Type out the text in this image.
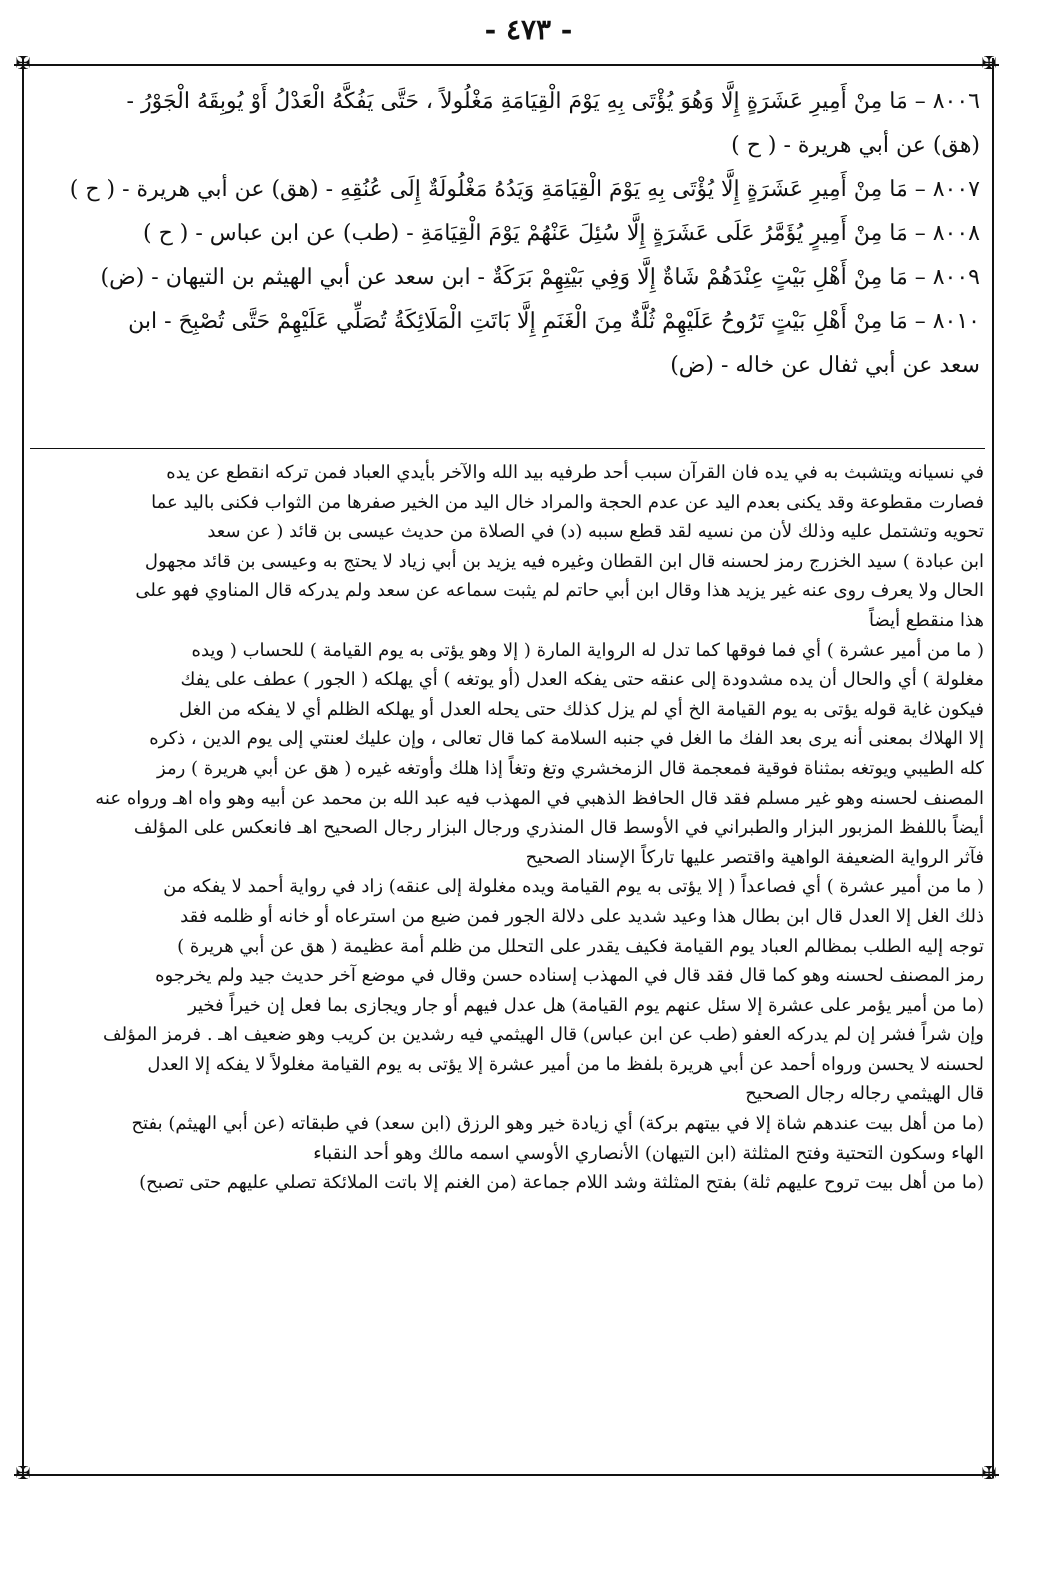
- ٤٧٣ -
✠	✠
✠	✠
٨٠٠٦ – مَا مِنْ أَمِيرِ عَشَرَةٍ إِلَّا وَهُوَ يُؤْتَى بِهِ يَوْمَ الْقِيَامَةِ مَغْلُولاً ، حَتَّى يَفُكَّهُ الْعَدْلُ أَوْ يُوبِقَهُ الْجَوْرُ -
(هق) عن أبي هريرة - ( ح )
٨٠٠٧ – مَا مِنْ أَمِيرِ عَشَرَةٍ إِلَّا يُؤْتَى بِهِ يَوْمَ الْقِيَامَةِ وَيَدُهُ مَغْلُولَةٌ إِلَى عُنُقِهِ - (هق) عن أبي هريرة - ( ح )
٨٠٠٨ – مَا مِنْ أَمِيرٍ يُؤَمَّرُ عَلَى عَشَرَةٍ إِلَّا سُئِلَ عَنْهُمْ يَوْمَ الْقِيَامَةِ - (طب) عن ابن عباس - ( ح )
٨٠٠٩ – مَا مِنْ أَهْلِ بَيْتٍ عِنْدَهُمْ شَاةٌ إِلَّا وَفِي بَيْتِهِمْ بَرَكَةٌ - ابن سعد عن أبي الهيثم بن التيهان - (ض)
٨٠١٠ – مَا مِنْ أَهْلِ بَيْتٍ تَرُوحُ عَلَيْهِمْ ثُلَّةٌ مِنَ الْغَنَمِ إِلَّا بَاتَتِ الْمَلَائِكَةُ تُصَلِّي عَلَيْهِمْ حَتَّى تُصْبِحَ - ابن
سعد عن أبي ثفال عن خاله - (ض)
في نسيانه ويتشبث به في يده فان القرآن سبب أحد طرفيه بيد الله والآخر بأيدي العباد فمن تركه انقطع عن يده
فصارت مقطوعة وقد يكنى بعدم اليد عن عدم الحجة والمراد خال اليد من الخير صفرها من الثواب فكنى باليد عما
تحويه وتشتمل عليه وذلك لأن من نسيه لقد قطع سببه (د) في الصلاة من حديث عيسى بن قائد ( عن سعد
ابن عبادة ) سيد الخزرج رمز لحسنه قال ابن القطان وغيره فيه يزيد بن أبي زياد لا يحتج به وعيسى بن قائد مجهول
الحال ولا يعرف روى عنه غير يزيد هذا وقال ابن أبي حاتم لم يثبت سماعه عن سعد ولم يدركه قال المناوي فهو على
هذا منقطع أيضاً
( ما من أمير عشرة ) أي فما فوقها كما تدل له الرواية المارة ( إلا وهو يؤتى به يوم القيامة ) للحساب ( ويده
مغلولة ) أي والحال أن يده مشدودة إلى عنقه حتى يفكه العدل (أو يوتغه ) أي يهلكه ( الجور ) عطف على يفك
فيكون غاية قوله يؤتى به يوم القيامة الخ أي لم يزل كذلك حتى يحله العدل أو يهلكه الظلم أي لا يفكه من الغل
إلا الهلاك بمعنى أنه يرى بعد الفك ما الغل في جنبه السلامة كما قال تعالى ، وإن عليك لعنتي إلى يوم الدين ، ذكره
كله الطيبي ويوتغه بمثناة فوقية فمعجمة قال الزمخشري وتغ وتغاً إذا هلك وأوتغه غيره ( هق عن أبي هريرة ) رمز
المصنف لحسنه وهو غير مسلم فقد قال الحافظ الذهبي في المهذب فيه عبد الله بن محمد عن أبيه وهو واه اهـ ورواه عنه
أيضاً باللفظ المزبور البزار والطبراني في الأوسط قال المنذري ورجال البزار رجال الصحيح اهـ فانعكس على المؤلف
فآثر الرواية الضعيفة الواهية واقتصر عليها تاركاً الإسناد الصحيح
( ما من أمير عشرة ) أي فصاعداً ( إلا يؤتى به يوم القيامة ويده مغلولة إلى عنقه) زاد في رواية أحمد لا يفكه من
ذلك الغل إلا العدل قال ابن بطال هذا وعيد شديد على دلالة الجور فمن ضيع من استرعاه أو خانه أو ظلمه فقد
توجه إليه الطلب بمظالم العباد يوم القيامة فكيف يقدر على التحلل من ظلم أمة عظيمة ( هق عن أبي هريرة )
رمز المصنف لحسنه وهو كما قال فقد قال في المهذب إسناده حسن وقال في موضع آخر حديث جيد ولم يخرجوه
(ما من أمير يؤمر على عشرة إلا سئل عنهم يوم القيامة) هل عدل فيهم أو جار ويجازى بما فعل إن خيراً فخير
وإن شراً فشر إن لم يدركه العفو (طب عن ابن عباس) قال الهيثمي فيه رشدين بن كريب وهو ضعيف اهـ . فرمز المؤلف
لحسنه لا يحسن ورواه أحمد عن أبي هريرة بلفظ ما من أمير عشرة إلا يؤتى به يوم القيامة مغلولاً لا يفكه إلا العدل
قال الهيثمي رجاله رجال الصحيح
(ما من أهل بيت عندهم شاة إلا في بيتهم بركة) أي زيادة خير وهو الرزق (ابن سعد) في طبقاته (عن أبي الهيثم) بفتح
الهاء وسكون التحتية وفتح المثلثة (ابن التيهان) الأنصاري الأوسي اسمه مالك وهو أحد النقباء
(ما من أهل بيت تروح عليهم ثلة) بفتح المثلثة وشد اللام جماعة (من الغنم إلا باتت الملائكة تصلي عليهم حتى تصبح)
